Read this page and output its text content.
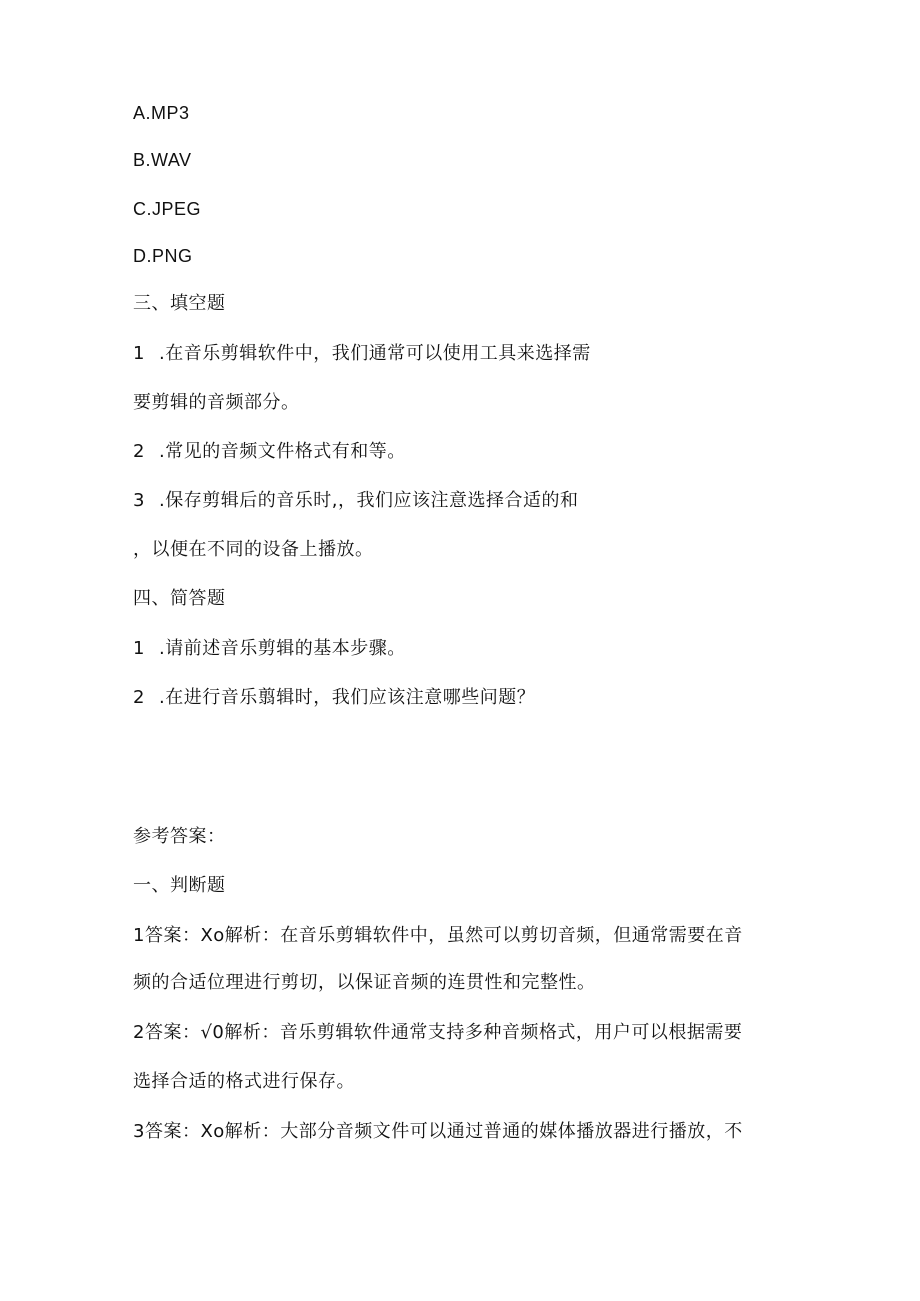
A.MP3
B.WAV
C.JPEG
D.PNG
三、填空题
1 .在音乐剪辑软件中，我们通常可以使用工具来选择需
要剪辑的音频部分。
2 .常见的音频文件格式有和等。
3 .保存剪辑后的音乐时,，我们应该注意选择合适的和
，以便在不同的设备上播放。
四、简答题
1 .请前述音乐剪辑的基本步骤。
2 .在进行音乐翦辑时，我们应该注意哪些问题？
参考答案：
一、判断题
1答案：Xo解析：在音乐剪辑软件中，虽然可以剪切音频，但通常需要在音
频的合适位理进行剪切，以保证音频的连贯性和完整性。
2答案：√0解析：音乐剪辑软件通常支持多种音频格式，用户可以根据需要
选择合适的格式进行保存。
3答案：Xo解析：大部分音频文件可以通过普通的媒体播放器进行播放，不
